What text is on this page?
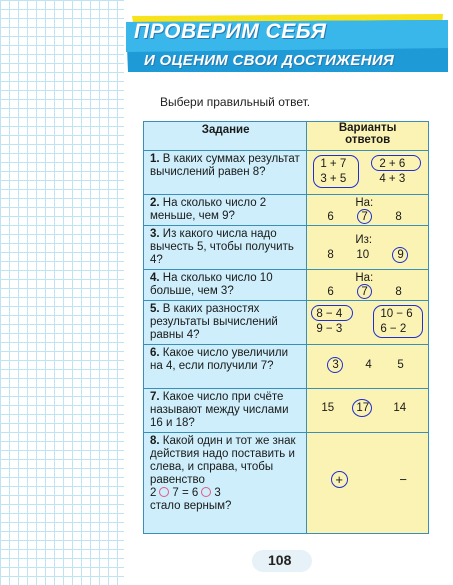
ПРОВЕРИМ СЕБЯ
И ОЦЕНИМ СВОИ ДОСТИЖЕНИЯ
Выбери правильный ответ.
Задание	Варианты ответов
1. В каких суммах результат вычислений равен 8?	1 + 7
3 + 5
2 + 6
4 + 3

2. На сколько число 2 меньше, чем 9?	На:
6 7 8

3. Из какого числа надо вычесть 5, чтобы получить 4?	Из:
8 10 9

4. На сколько число 10 больше, чем 3?	На:
6 7 8

5. В каких разностях результаты вычислений равны 4?	8 − 4
9 − 3
10 − 6
6 − 2

6. Какое число увеличили на 4, если получили 7?	3 4 5

7. Какое число при счёте называют между числами 16 и 18?	15 17 14

8. Какой один и тот же знак действия надо поставить и слева, и справа, чтобы равенство
2 7 = 6 3
стало верным?	+ −
108
